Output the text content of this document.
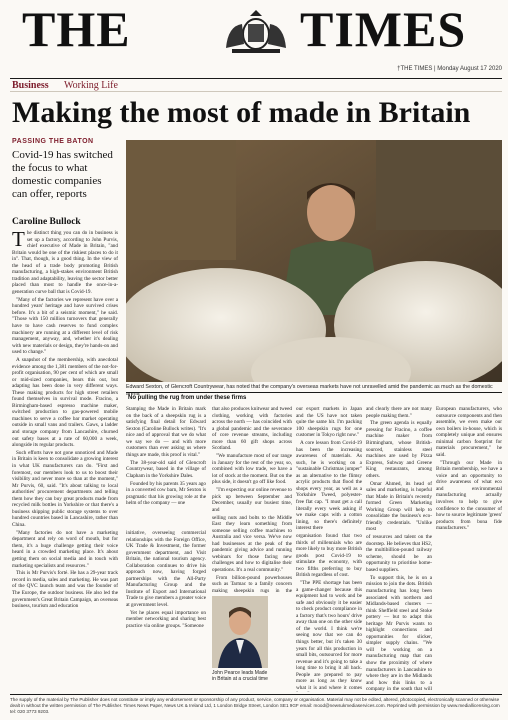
THE	TIMES
†THE TIMES | Monday August 17 2020
Business Working Life
Making the most of made in Britain
PASSING THE BATON
Covid-19 has switched the focus to what domestic companies can offer, reports
Caroline Bullock

The distinct thing you can do in business is set up a factory, according to John Purvis, chief executive of Made in Britain, "and Britain would be one of the riskiest places to do it in". That, though, is a good thing. In the view of the head of a trade body promoting British manufacturing, a high-stakes environment British tradition and adaptability, leaving the sector better placed than most to handle the once-in-a-generation curve ball that is Covid-19.

"Many of the factories we represent have over a hundred years' heritage and have survived crises before. It's a bit of a seismic moment," he said. "Those with 150 million turnovers that generally have to have cash reserves to fund complex machinery are running at a different level of risk management, anyway, and, whether it's dealing with new materials or design, they're hands-on and used to change."

A snapshot of the membership, with anecdotal evidence among the 1,381 members of the not-for-profit organisation, 90 per cent of which are small or mid-sized companies, bears this out, but adapting has been done in very different ways. These making products for high street retailers found themselves in survival mode. Fracino, a Birmingham-based espresso machine maker, switched production to gas-powered mobile machines to serve a coffee bar market operating outside in small vans and trailers. Gaws, a ladder and storage company from Lancashire, churned out safety bases at a rate of 60,000 a week, alongside its regular products.

Such efforts have not gone unnoticed and Made in Britain is keen to consolidate a growing interest in what UK manufacturers can do. "First and foremost, our members look to us to boost their visibility and never more so than at the moment," Mr Purvis, 60, said. "It's about talking to local authorities' procurement departments and telling them how they can buy great products made from recycled milk bottles in Yorkshire or that there's a business shipping public storage systems to over hundred countries based in Lancashire, rather than China.

"Many factories do not have a marketing department and rely on word of mouth, but for them, it's a huge challenge getting their voice heard in a crowded marketing place. It's about getting them on social media and in touch with marketing specialists and resources."

This is Mr Purvis's forté. He has a 29-year track record in media, sales and marketing. He was part of the QVC launch team and was the founder of The Europe, the outdoor business. He also led the government's Great Britain Campaign, an overseas business, tourism and education

Edward Sexton, of Glencroft Countrywear, has noted that the company's overseas markets have not unravelled amid the pandemic as much as the domestic arena
No pulling the rug from under these firms

initiative, overseeing commercial relationships with the Foreign Office, UK Trade & Investment, the former government department, and Visit Britain, the national tourism agency. Collaboration continues to drive his approach now, having forged partnerships with the All-Party Manufacturing Group and the Institute of Export and International Trade to give members a greater voice at government level.

Yet he places equal importance on member networking and sharing best practice via online groups. "Someone

Stamping the Made in Britain mark on the back of a sheepskin rug is a satisfying final detail for Edward Sexton (Caroline Bullock writes). "It's nice and of approval that we do what we say we do — and with more customers than ever asking us where things are made, this proof is vital."

The 38-year-old said of Glencroft Countrywear, based in the village of Clapham in the Yorkshire Dales.

Founded by his parents 35 years ago in a converted cow barn, Mr Sexton is pragmatic that his growing role at the helm of the company — one

John Pearce leads Made in Britain at a crucial time

that also produces knitwear and tweed clothing, working with factories across the north — has coincided with a global pandemic and the severance of core revenue streams, including more than 60 gift shops across Scotland.

"We manufacture most of our range in January for the rest of the year, so, combined with low trade, we have a lot of stock at the moment. But on the plus side, it doesn't go off like food.

"I'm expecting our online revenue to pick up between September and December, usually our busiest time, and

selling nuts and bolts to the Middle East they learn something from someone selling coffee machines to Australia and vice versa. We've now had businesses at the peak of the pandemic giving advice and running webinars for those facing new challenges and how to digitalise their operations. It's a real community."

From billion-pound powerhouses such as Tarmac to a family concern making sheepskin rugs in the

our export markets in Japan and the US have not taken quite the same hit. I'm packing 100 sheepskin rugs for one customer in Tokyo right now."

A core lesson from Covid-19 has been the increasing awareness of materials. As such, he is working on a "sustainable Christmas jumper" as an alternative to the flimsy acrylic products that flood the shops every year, as well as a Yorkshire Tweed, polyester-free flat cap. "I must get a call literally every week asking if we make caps with a cotton lining, so there's definitely interest there

organisation found that two thirds of millennials who are more likely to buy more British goods post Covid-19 to stimulate the economy, with two fifths preferring to buy British regardless of cost.

"The PPE shortage has been a game-changer because this equipment had to work and be safe and obviously it be easier to check product compliance in a factory that's two hours' drive away than one on the other side of the world. I think we're seeing now that we can do things better, but it's taken 30 years for all this production in small bits, outsourced for more revenue and it's going to take a long time to bring it all back. People are prepared to pay more as long as they know what it is and where it comes

and clearly there are not many people making them."

The green agenda is equally pressing for Fracino, a coffee machine maker from Birmingham, whose British-sourced, stainless steel machines are used by Pizza Express, Subway and Greene King restaurants, among others.

Omar Ahmed, its head of sales and marketing, is hopeful that Made in Britain's recently formed Green Marketing Working Group will help to consolidate the business's eco-friendly credentials. "Unlike most

of resources and talent on the doorstep. He believes that HS2, the multibillion-pound railway scheme, should be an opportunity to prioritise home-based suppliers.

To support this, he is on a mission to join the dots. British manufacturing has long been associated with northern and Midlands-based clusters — think Sheffield steel and Stoke pottery — but to adapt this heritage Mr Purvis wants to highlight connections and opportunities for slicker, simpler supply chains. "We will be working on a manufacturing map that can show the proximity of where manufacturers in Lancashire to where they are in the Midlands and how this links to a company in the south that will

European manufacturers, who outsource components and then assemble, we even make our own boilers in-house, which is completely unique and ensures minimal carbon footprint for materials procurement," he said.

"Through our Made in Britain membership, we have a voice and an opportunity to drive awareness of what eco and environmental manufacturing actually involves to help to give confidence to the consumer of how to source legitimate 'green' products from bona fide manufacturers."

The supply of the material by The Publisher does not constitute or imply any endorsement or sponsorship of any product, service, company or organisation. Material may not be edited, altered, photocopied, electronically scanned or otherwise dealt in without the written permission of The Publisher. Times News Paper, News UK & Ireland Ltd, 1 London Bridge Street, London SE1 9GF email: mood@newsukmediaservices.com. Reprinted with permission by www.mediallicensing.com tel: 020 3773 9203.
